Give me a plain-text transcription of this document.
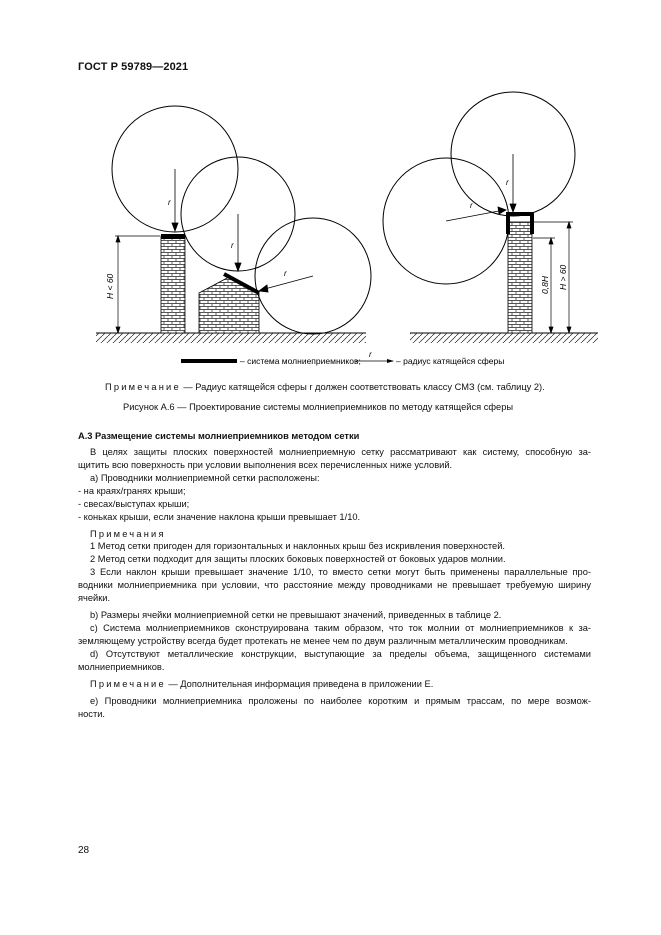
ГОСТ Р 59789—2021
r
r
r
H < 60
r
r
H > 60
0,8H
– система молниеприемников;
r
– радиус катящейся сферы
Примечание — Радиус катящейся сферы r должен соответствовать классу СМЗ (см. таблицу 2).
Рисунок А.6 — Проектирование системы молниеприемников по методу катящейся сферы
А.3 Размещение системы молниеприемников методом сетки
В целях защиты плоских поверхностей молниеприемную сетку рассматривают как систему, способную за-
щитить всю поверхность при условии выполнения всех перечисленных ниже условий.
а) Проводники молниеприемной сетки расположены:
- на краях/гранях крыши;
- свесах/выступах крыши;
- коньках крыши, если значение наклона крыши превышает 1/10.
Примечания
1 Метод сетки пригоден для горизонтальных и наклонных крыш без искривления поверхностей.
2 Метод сетки подходит для защиты плоских боковых поверхностей от боковых ударов молнии.
3 Если наклон крыши превышает значение 1/10, то вместо сетки могут быть применены параллельные про-
водники молниеприемника при условии, что расстояние между проводниками не превышает требуемую ширину
ячейки.
b) Размеры ячейки молниеприемной сетки не превышают значений, приведенных в таблице 2.
с) Система молниеприемников сконструирована таким образом, что ток молнии от молниеприемников к за-
земляющему устройству всегда будет протекать не менее чем по двум различным металлическим проводникам.
d) Отсутствуют металлические конструкции, выступающие за пределы объема, защищенного системами
молниеприемников.
Примечание — Дополнительная информация приведена в приложении Е.
е) Проводники молниеприемника проложены по наиболее коротким и прямым трассам, по мере возмож-
ности.
28
